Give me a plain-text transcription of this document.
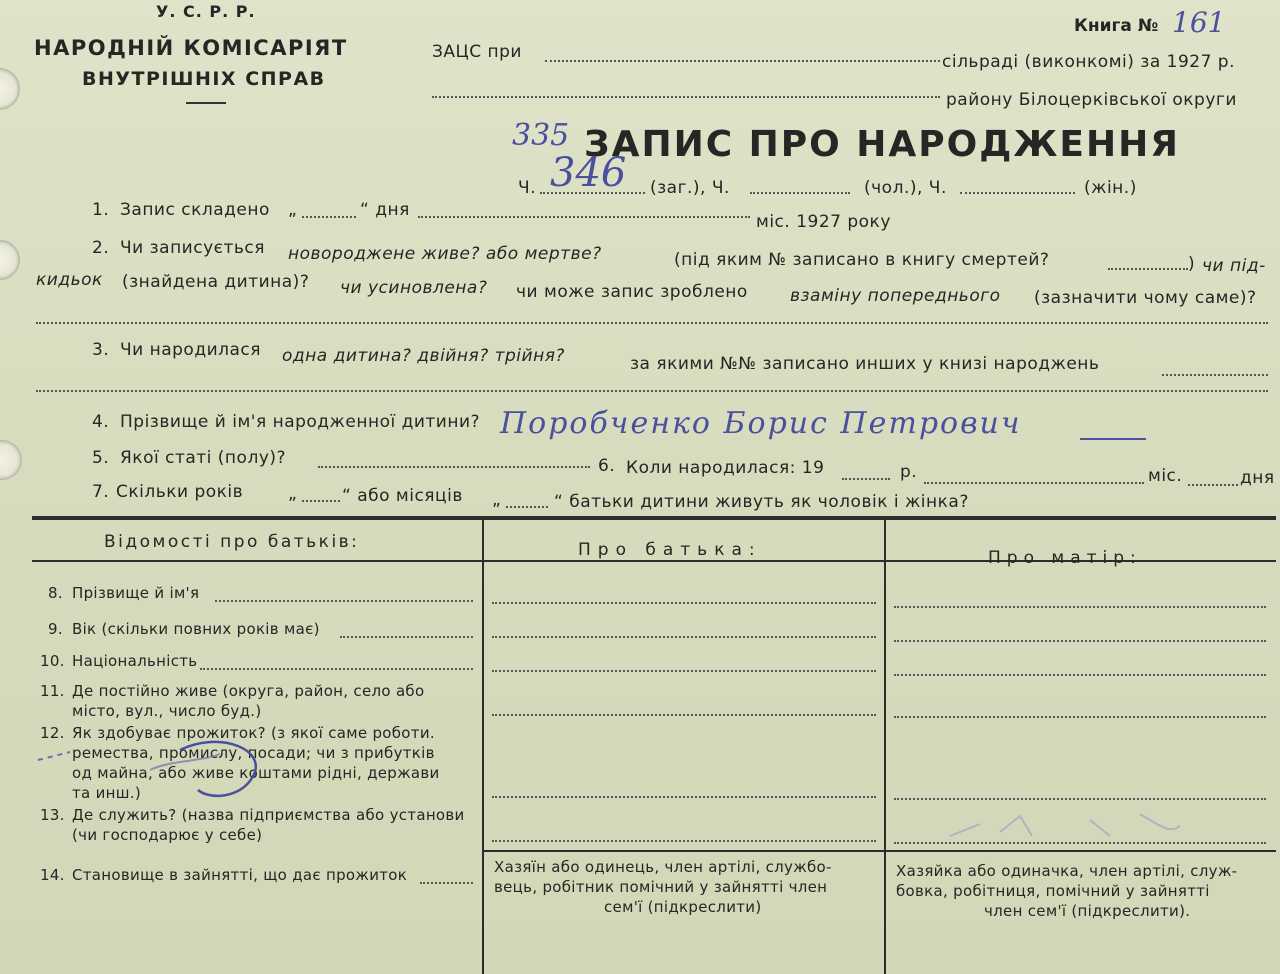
У. С. Р. Р.
НАРОДНІЙ КОМІСАРІЯТ
ВНУТРІШНІХ СПРАВ
ЗАЦС при
Книга № 161
сільраді (виконкомі) за 1927 р.
району Білоцерківської округи
335 ЗАПИС ПРО НАРОДЖЕННЯ
Ч. 346 (заг.), Ч.	(чол.), Ч.	(жін.)
1. Запис складено „	“ дня
міс. 1927 року
2. Чи записується новороджене живе? або мертве?	(під яким № записано в книгу смертей?	) чи під-
кидьок (знайдена дитина)? чи усиновлена? чи може запис зроблено взаміну попереднього (зазначити чому саме)?
3. Чи народилася одна дитина? двійня? трійня?	за якими №№ записано инших у книзі народжень
4. Прізвище й ім'я народженної дитини? Поробченко Борис Петрович
5. Якої статі (полу)?	6. Коли народилася: 19	р.	міс.	дня
7. Скільки років	„	“ або місяців „	“ батьки дитини живуть як чоловік і жінка?
Відомості про батьків:	Про батька:	Про матір:
8. Прізвище й ім'я
9. Вік (скільки повних років має)
10. Національність
11. Де постійно живе (округа, район, село або
місто, вул., число буд.)
12. Як здобуває прожиток? (з якої саме роботи.
ремества, промислу, посади; чи з прибутків
од майна, або живе коштами рідні, держави
та инш.)
13. Де служить? (назва підприємства або установи
(чи господарює у себе)
14. Становище в зайнятті, що дає прожиток	Хазяїн або одинець, член артілі, службо-
вець, робітник помічний у зайнятті член
сем'ї (підкреслити)
Хазяйка або одиначка, член артілі, служ-
бовка, робітниця, помічний у зайнятті
член сем'ї (підкреслити).
